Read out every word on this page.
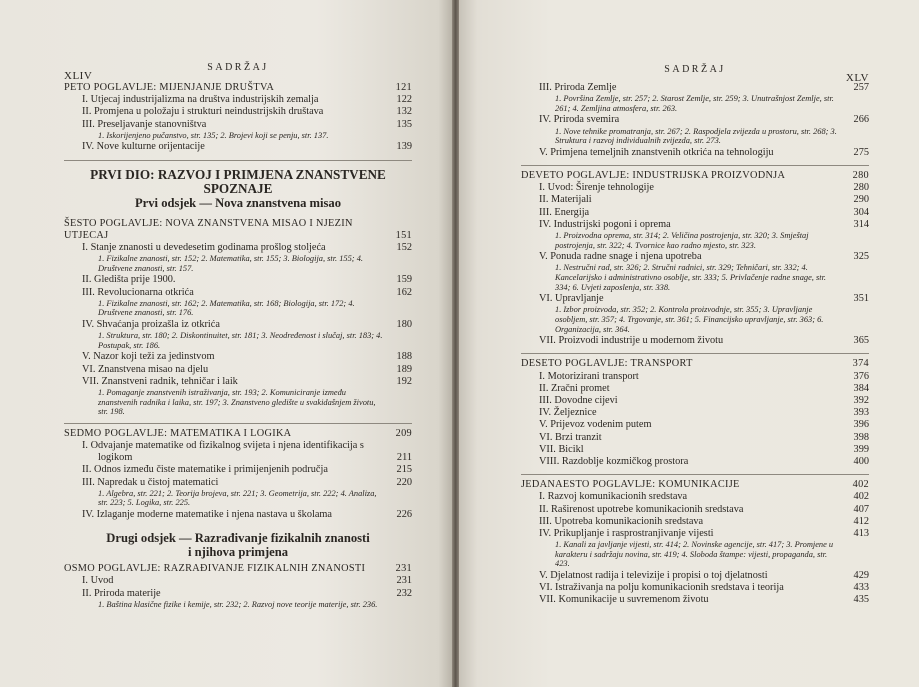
XLIV
SADRŽAJ
PETO POGLAVLJE: MIJENJANJE DRUŠTVA	121
I. Utjecaj industrijalizma na društva industrijskih zemalja	122
II. Promjena u položaju i strukturi neindustrijskih društava	132
III. Preseljavanje stanovništva	135
1. Iskorijenjeno pučanstvo, str. 135; 2. Brojevi koji se penju, str. 137.
IV. Nove kulturne orijentacije	139
PRVI DIO: RAZVOJ I PRIMJENA ZNANSTVENE SPOZNAJE
Prvi odsjek — Nova znanstvena misao
ŠESTO POGLAVLJE: NOVA ZNANSTVENA MISAO I NJEZIN UTJECAJ	151
I. Stanje znanosti u devedesetim godinama prošlog stoljeća	152
1. Fizikalne znanosti, str. 152; 2. Matematika, str. 155; 3. Biologija, str. 155; 4. Društvene znanosti, str. 157.
II. Gledišta prije 1900.	159
III. Revolucionarna otkrića	162
1. Fizikalne znanosti, str. 162; 2. Matematika, str. 168; Biologija, str. 172; 4. Društvene znanosti, str. 176.
IV. Shvaćanja proizašla iz otkrića	180
1. Struktura, str. 180; 2. Diskontinuitet, str. 181; 3. Neodređenost i slučaj, str. 183; 4. Postupak, str. 186.
V. Nazor koji teži za jedinstvom	188
VI. Znanstvena misao na djelu	189
VII. Znanstveni radnik, tehničar i laik	192
1. Pomaganje znanstvenih istraživanja, str. 193; 2. Komuniciranje između znanstvenih radnika i laika, str. 197; 3. Znanstveno gledište u svakidašnjem životu, str. 198.
SEDMO POGLAVLJE: MATEMATIKA I LOGIKA	209
I. Odvajanje matematike od fizikalnog svijeta i njena identifikacija s logikom	211
II. Odnos između čiste matematike i primijenjenih područja	215
III. Napredak u čistoj matematici	220
1. Algebra, str. 221; 2. Teorija brojeva, str. 221; 3. Geometrija, str. 222; 4. Analiza, str. 223; 5. Logika, str. 225.
IV. Izlaganje moderne matematike i njena nastava u školama	226
Drugi odsjek — Razrađivanje fizikalnih znanosti
i njihova primjena
OSMO POGLAVLJE: RAZRAĐIVANJE FIZIKALNIH ZNANOSTI	231
I. Uvod	231
II. Priroda materije	232
1. Baština klasične fizike i kemije, str. 232; 2. Razvoj nove teorije materije, str. 236.
SADRŽAJ
XLV
III. Priroda Zemlje	257
1. Površina Zemlje, str. 257; 2. Starost Zemlje, str. 259; 3. Unutrašnjost Zemlje, str. 261; 4. Zemljina atmosfera, str. 263.
IV. Priroda svemira	266
1. Nove tehnike promatranja, str. 267; 2. Raspodjela zvijezda u prostoru, str. 268; 3. Struktura i razvoj individualnih zvijezda, str. 273.
V. Primjena temeljnih znanstvenih otkrića na tehnologiju	275
DEVETO POGLAVLJE: INDUSTRIJSKA PROIZVODNJA	280
I. Uvod: Širenje tehnologije	280
II. Materijali	290
III. Energija	304
IV. Industrijski pogoni i oprema	314
1. Proizvodna oprema, str. 314; 2. Veličina postrojenja, str. 320; 3. Smještaj postrojenja, str. 322; 4. Tvornice kao radno mjesto, str. 323.
V. Ponuda radne snage i njena upotreba	325
1. Nestručni rad, str. 326; 2. Stručni radnici, str. 329; Tehničari, str. 332; 4. Kancelarijsko i administrativno osoblje, str. 333; 5. Privlačenje radne snage, str. 334; 6. Uvjeti zaposlenja, str. 338.
VI. Upravljanje	351
1. Izbor proizvoda, str. 352; 2. Kontrola proizvodnje, str. 355; 3. Upravljanje osobljem, str. 357; 4. Trgovanje, str. 361; 5. Financijsko upravljanje, str. 363; 6. Organizacija, str. 364.
VII. Proizvodi industrije u modernom životu	365
DESETO POGLAVLJE: TRANSPORT	374
I. Motorizirani transport	376
II. Zračni promet	384
III. Dovodne cijevi	392
IV. Željeznice	393
V. Prijevoz vodenim putem	396
VI. Brzi tranzit	398
VII. Bicikl	399
VIII. Razdoblje kozmičkog prostora	400
JEDANAESTO POGLAVLJE: KOMUNIKACIJE	402
I. Razvoj komunikacionih sredstava	402
II. Raširenost upotrebe komunikacionih sredstava	407
III. Upotreba komunikacionih sredstava	412
IV. Prikupljanje i rasprostranjivanje vijesti	413
1. Kanali za javljanje vijesti, str. 414; 2. Novinske agencije, str. 417; 3. Promjene u karakteru i sadržaju novina, str. 419; 4. Sloboda štampe: vijesti, propaganda, str. 423.
V. Djelatnost radija i televizije i propisi o toj djelatnosti	429
VI. Istraživanja na polju komunikacionih sredstava i teorija	433
VII. Komunikacije u suvremenom životu	435
